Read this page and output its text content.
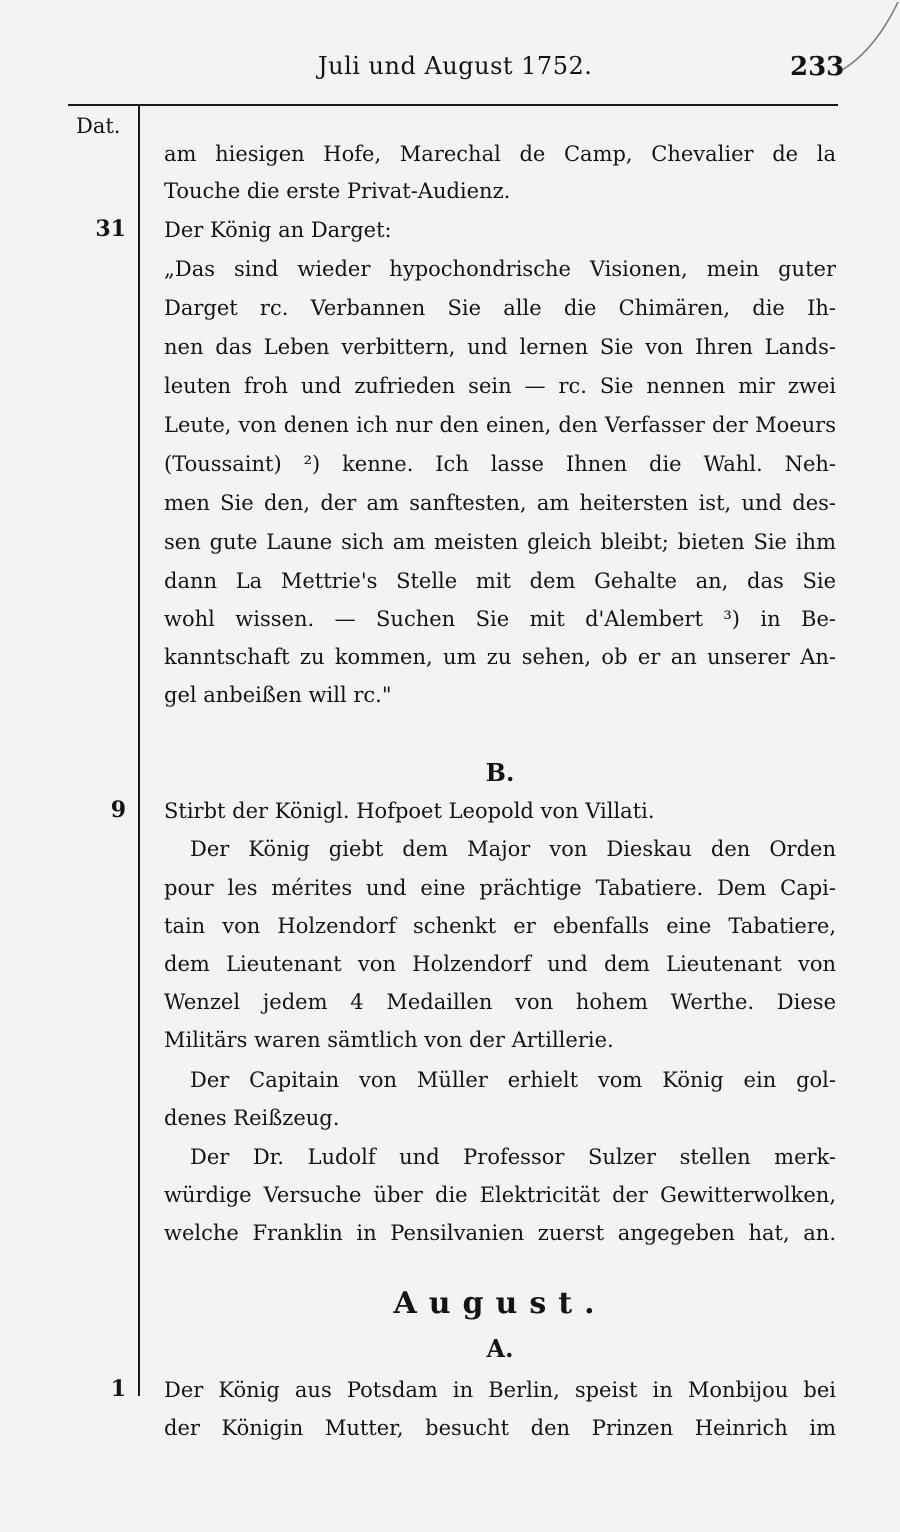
Juli und August 1752.	233
Dat.
am hiesigen Hofe, Marechal de Camp, Chevalier de la
Touche die erste Privat-Audienz.
31 Der König an Darget:
„Das sind wieder hypochondrische Visionen, mein guter
Darget rc. Verbannen Sie alle die Chimären, die Ih-
nen das Leben verbittern, und lernen Sie von Ihren Lands-
leuten froh und zufrieden sein — rc. Sie nennen mir zwei
Leute, von denen ich nur den einen, den Verfasser der Moeurs
(Toussaint) ²) kenne. Ich lasse Ihnen die Wahl. Neh-
men Sie den, der am sanftesten, am heitersten ist, und des-
sen gute Laune sich am meisten gleich bleibt; bieten Sie ihm
dann La Mettrie's Stelle mit dem Gehalte an, das Sie
wohl wissen. — Suchen Sie mit d'Alembert ³) in Be-
kanntschaft zu kommen, um zu sehen, ob er an unserer An-
gel anbeißen will rc."
B.
9 Stirbt der Königl. Hofpoet Leopold von Villati.
Der König giebt dem Major von Dieskau den Orden
pour les mérites und eine prächtige Tabatiere. Dem Capi-
tain von Holzendorf schenkt er ebenfalls eine Tabatiere,
dem Lieutenant von Holzendorf und dem Lieutenant von
Wenzel jedem 4 Medaillen von hohem Werthe. Diese
Militärs waren sämtlich von der Artillerie.
Der Capitain von Müller erhielt vom König ein gol-
denes Reißzeug.
Der Dr. Ludolf und Professor Sulzer stellen merk-
würdige Versuche über die Elektricität der Gewitterwolken,
welche Franklin in Pensilvanien zuerst angegeben hat, an.
August.
A.
1 Der König aus Potsdam in Berlin, speist in Monbijou bei
der Königin Mutter, besucht den Prinzen Heinrich im
